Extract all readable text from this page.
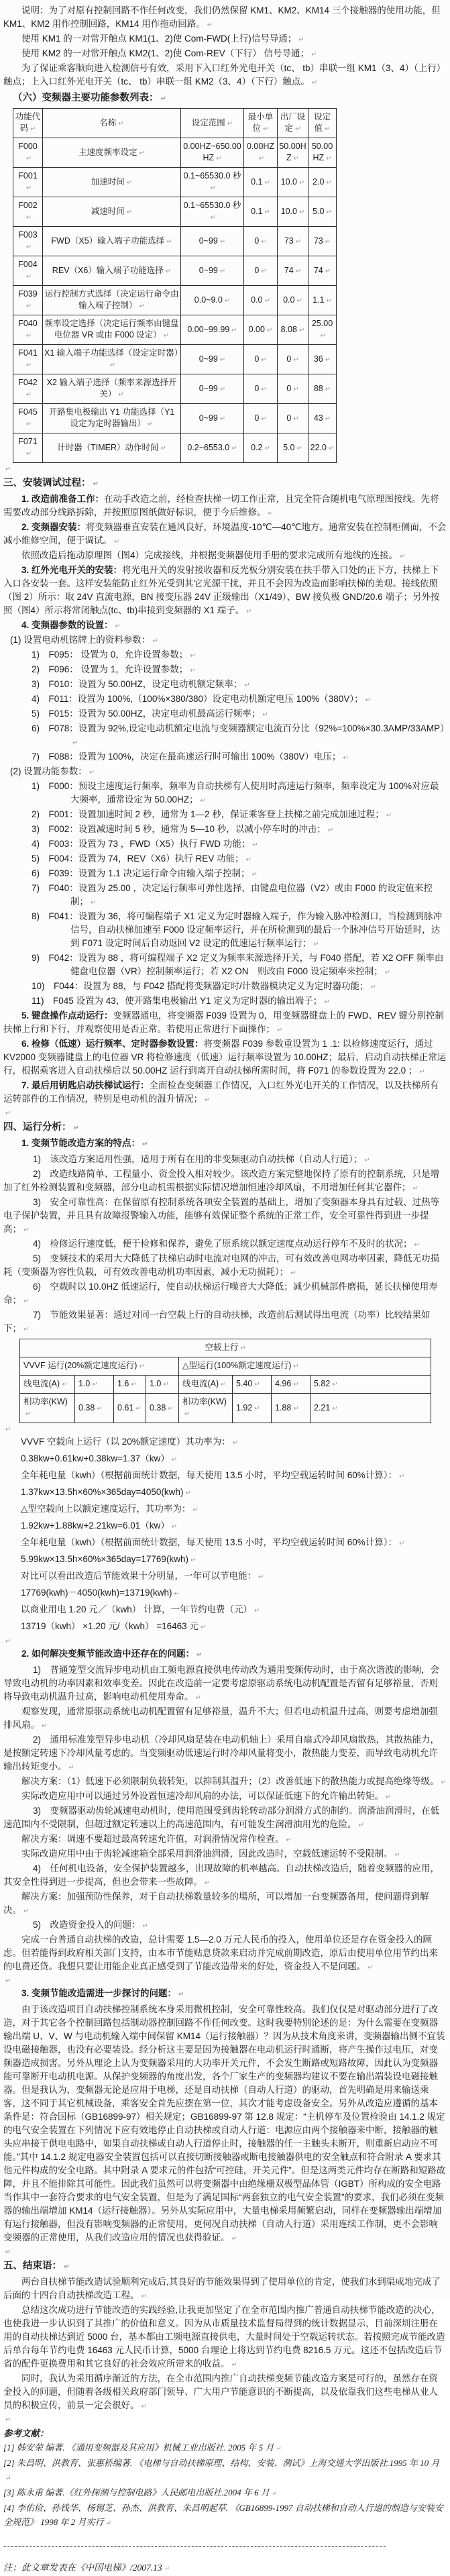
说明：为了对原有控制回路不作任何改变，我们仍然保留 KM1、KM2、KM14 三个接触器的使用功能，但 KM1、KM2 用作控制回路，KM14 用作拖动回路。 ↵

使用 KM1 的一对常开触点 KM1(1、2)使 Com-FWD(上行)信号导通； ↵

使用 KM2 的一对常开触点 KM2(1、2)使 Com-REV（下行） 信号导通； ↵

为了保证乘客顺向进入检测信号有效，采用下入口红外光电开关（tc、 tb）串联一组 KM1（3、4）（上行）触点；上入口红外光电开关（tc、 tb）串联一组 KM2（3、4）（下行）触点。 ↵

（六）变频器主要功能参数列表： ↵

功能代码 ↵	名称 ↵	设定范围 ↵	最小单位 ↵	出厂设定 ↵	设定值 ↵
F000 ↵	主速度频率设定 ↵	0.00HZ~650.00HZ ↵	0.00HZ ↵	50.00HZ ↵	50.00HZ ↵
F001 ↵	加速时间 ↵	0.1~65530.0 秒 ↵	0.1 ↵	10.0 ↵	2.0 ↵
F002 ↵	减速时间 ↵	0.1~65530.0 秒 ↵	0.1 ↵	10.0 ↵	5.0 ↵
F003 ↵	FWD（X5）输入端子功能选择 ↵	0~99 ↵	0 ↵	73 ↵	73 ↵
F004 ↵	REV（X6）输入端子功能选择 ↵	0~99 ↵	0 ↵	74 ↵	74 ↵
F039 ↵	运行控制方式选择（决定运行命令由输入端子控制） ↵	0.0~9.0 ↵	0.0 ↵	0.0 ↵	1.1 ↵
F040 ↵	频率设定选择（决定运行频率由键盘电位器 VR 或由 F000 设定） ↵	0.00~99.99 ↵	0.00 ↵	8.08 ↵	25.00 ↵
F041 ↵	X1 输入端子功能选择（设定定时器） ↵	0~99 ↵	0 ↵	0 ↵	36 ↵
F042 ↵	X2 输入端子选择（频率来源选择开关） ↵	0~99 ↵	0 ↵	0 ↵	88 ↵
F045 ↵	开路集电极输出 Y1 功能选择（Y1 设定为定时器输出） ↵	0~99 ↵	0 ↵	0 ↵	43 ↵
F071 ↵	计时器（TIMER）动作时间 ↵	0.2~6553.0 ↵	0.2 ↵	5.0 ↵	22.0 ↵

↵

三、安装调试过程： ↵

1. 改造前准备工作：在动手改造之前，经检查扶梯一切工作正常，且完全符合随机电气原理图接线。先将需要改动部分线路拆除，并按照原图纸做好标识，便于今后维修。 ↵

2. 变频器安装：将变频器垂直安装在通风良好，环境温度-10℃—40℃地方。通常安装在控制柜侧面，不会减小维修空间，便于调试。 ↵

依照改造后拖动原理图（图4）完成接线，并根据变频器使用手册的要求完成所有地线的连接。 ↵

3. 红外光电开关的安装：将光电开关的发射接收器和反光板分别安装在扶手带入口处的正下方，扶梯上下入口各安装一套。这样安装能防止红外光受到其它光源干扰，并且不会因为改造而影响扶梯的美观。接线依照（图 2）所示：取 24V 直流电源，BN 接变压器 24V 正级输出（X1/49）、BW 接负极 GND/20.6 端子；另外按照（图4）所示将常闭触点(tc、tb)串接到变频器的 X1 端子。 ↵

4. 变频器参数的设置： ↵

(1) 设置电动机铭牌上的资料参数： ↵

1)　F095： 设置为 0，允许设置参数； ↵

2)　F096： 设置为 1，允许设置参数； ↵

3)　F010：设置为 50.00HZ，设定电动机额定频率； ↵

4)　F011：设置为 100%,（100%×380/380）设定电动机额定电压 100%（380V）； ↵

5)　F015：设置为 50.00HZ，决定电动机最高运行频率； ↵

6)　F078：设置为 92%,设定电动机额定电流与变频器额定电流百分比（92%=100%×30.3AMP/33AMP） ↵

7)　F088：设置为 100%，决定在最高速运行时可输出 100%（380V）电压； ↵

(2) 设置功能参数： ↵

1)　F000：预设主速度运行频率，频率为自动扶梯有人使用时高速运行频率，频率设定为 100%对应最大频率，通常设定为 50.00HZ； ↵

2)　F001：设置加速时间 2 秒，通常为 1—2 秒，保证乘客登上扶梯之前完成加速过程； ↵

3)　F002：设置减速时间 5 秒，通常为 5—10 秒，以减小停车时的冲击； ↵

4)　F003：设置为 73 ，FWD（X5）执行 FWD 功能； ↵

5)　F004：设置为 74，REV（X6）执行 REV 功能； ↵

6)　F039：设置为 1.1 决定运行命令由输入端子控制； ↵

7)　F040：设置为 25.00 ，决定运行频率可弹性选择，由键盘电位器（V2）或由 F000 的设定值来控制； ↵

8)　F041：设置为 36，将可编程端子 X1 定义为定时器输入端子，作为输入脉冲检测口，当检测到脉冲信号，自动扶梯加速至 F000 设定频率运行，并在所检测到的最后一个脉冲信号开始延时，达到 F071 设定时间后自动返回 V2 设定的低速运行频率运行； ↵

9)　F042：设置为 88 ，将可编程端子 X2 定义为频率来源选择开关，与 F040 搭配，若 X2 OFF 频率由健盘电位器（VR）控制频率运行；若 X2 ON　则改由 F000 设定频率来控制； ↵

10)　F044：设置为 88，与 F042 搭配将变频器定时/计数器模块定义为定时器功能； ↵

11)　F045 设置为 43，使开路集电极输出 Y1 定义为定时器的输出端子； ↵

5. 键盘操作点动运行：变频器通电，将变频器 F039 设置为 0，用变频器键盘上的 FWD、REV 键分别控制扶梯上行和下行，并观察使用是否正常。若使用正常进行下面操作； ↵

6. 检修（低速）运行频率、定时器参数设置：将变频器 F039 参数重设置为 1 .1: 以检修速度运行，通过 KV2000 变频器键盘上的电位器 VR 将检修速度（低速）运行频率设置为 10.00HZ；最后，启动自动扶梯正常运行，根据乘客进入自动扶梯后以 50.00HZ 运行到离开自动扶梯所需时间，将 F071 的参数设置为 22.0 ； ↵

7. 最后用钥匙启动扶梯试运行：全面检查变频器工作情况，入口红外光电开关的工作情况，以及扶梯所有运转部件的工作情况，特别是电动机的温升情况； ↵

↵

四、运行分析： ↵

1. 变频节能改造方案的特点： ↵

1)　该改造方案适用性强，适用于所有在用的非变频驱动自动扶梯（自动人行道）； ↵

2)　改造线路简单、工程量小、资金投入相对较少。该改造方案完整地保持了原有的控制系统，只是增加了红外检测装置和变频器，部分电动机需根据实际情况增加恒速冷却风扇，不用增加任何其它器件； ↵

3)　安全可靠性高：在保留原有控制系统各项安全装置的基础上，增加了变频器本身具有过载、过热等电子保护装置，并且具有故障报警输入功能，能够有效保证整个系统的正常工作，安全可靠性得到进一步提高； ↵

4)　检修运行速度低，便于检修和保养，避免了原系统以额定速度点动运行停车不及时的状况； ↵

5)　变频技术的采用大大降低了扶梯启动时电流对电网的冲击，可有效改善电网功率因素，降低无功损耗（变频器为容性负载，可有效改善电动机功率因素，减小无功损耗）； ↵

6)　空载时以 10.0HZ 低速运行，使自动扶梯运行噪音大大降低；减少机械部件磨损，延长扶梯使用寿命； ↵

7)　节能效果显著：通过对同一台空载上行的自动扶梯，改造前后测试得出电流（功率）比较结果如下； ↵

空载上行 ↵
VVVF 运行(20%额定速度运行) ↵				△型运行(100%额定速度运行) ↵
线电流(A) ↵	1.0 ↵	1.6 ↵	1.0 ↵	线电流(A) ↵	5.40 ↵	4.96 ↵	5.82 ↵
相功率(KW) ↵	0.38 ↵	0.61 ↵	0.38 ↵	相功率(KW) ↵	1.92 ↵	1.88 ↵	2.21 ↵

↵

VVVF 空载向上运行（以 20%额定速度）其功率为： ↵

0.38kw+0.61kw+0.38kw=1.37（kw） ↵

全年耗电量（kwh）（根据前面统计数据，每天使用 13.5 小时，平均空载运转时间 60%计算）： ↵

1.37kw×13.5h×60%×365day=4050(kwh) ↵

△型空载向上以额定速度运行，其功率为： ↵

1.92kw+1.88kw+2.21kw=6.01（kw） ↵

全年耗电量（kwh）（根据前面统计数据，每天使用 13.5 小时，平均空载运转时间 60%计算）： ↵

5.99kw×13.5h×60%×365day=17769(kwh) ↵

对比可以看出改造后节能效果十分明显，一年可以节电能： ↵

17769(kwh)－4050(kwh)=13719(kwh) ↵

以商业用电 1.20 元／（kwh） 计算，一年节约电费（元） ↵

13719（kwh） ×1.20 元/（kwh） =16463 元 ↵

↵

2. 如何解决变频节能改造中还存在的问题： ↵

1)　普通笼型交流异步电动机由工频电源直接供电传动改为通用变频传动时，由于高次谐波的影响，会导致电动机的功率因素和效率变差。因此在改造前一定要考虑原驱动系统电动机配置是否留有足够裕量，否则将导致电动机温升过高，影响电动机使用寿命。 ↵

观察发现，通常原驱动系统电动机配置留有足够裕量，温升不大；但若电动机温升过高，则要考虑增加强排风扇。 ↵

2)　通用标准笼型异步电动机（冷却风扇是装在电动机轴上）采用自扇式冷却风扇散热，其散热能力，是按额定转速下冷却风量考虑的。当变频驱动低速运行时冷却风量将变小，散热能力变差，而导致电动机允许输出转矩变小。 ↵

解决方案：（1）低速下必须限制负载转矩，以抑制其温升；（2）改善低速下的散热能力或提高绝缘等级。 ↵

实际改造应用中可以通过另外设置恒速冷却风扇的办法，可以保证低速下的允许输出转矩。 ↵

3)　变频器驱动齿轮减速电动机时，使用范围受到齿轮转动部分润滑方式的制约。润滑油润滑时，在低速范围内不受限制，但超过额定转速以上的高速范围内，有可能发生润滑油用光的危险。 ↵

解决方案：调速不要超过最高转速允许值，对润滑情况常作检查。 ↵

实际改造应用中由于齿轮减速箱全部采用润滑油润滑，因此改造时，空载低速运转不受限制。 ↵

4)　任何机电设备，安全保护装置越多，出现故障的机率越高。自动扶梯改造后，随着变频器的应用，其安全性得到进一步提高，但也会带来一些故障。 ↵

解决方案：加强预防性保养，对于自动扶梯数量较多的場所，可以增加一台变频器备用，使问题得到解决。 ↵

5)　改造资金投入的问题： ↵

完成一台普通自动扶梯的改造，总计需要 1.5—2.0 万元人民币的投入，使用单位还是存在资金投入的顾虑。但若能得到政府相关部门支持，由本市节能贴息贷款来启动并完成前期改造，原后由使用单位用节约出来的电费还贷。我想只要让用能企业真正感受到了节能改造带来的好处，资金投入不是问题。 ↵

↵

3. 变频节能改造需进一步探讨的问题： ↵

由于该改造项目自动扶梯控制系统本身采用微机控制，安全可靠性较高。我们仅仅是对驱动部分进行了改造，对于其它各个控制回路包括制动器控制回路不作任何改变。这时我要特别论述的是：为什么需要在变频器输出端 U、V、W 与电动机输入端中间保留 KM14（运行接触器）？因为从技术角度来讲，变频器输出侧不宜装设电磁接触器，也没有必要装设。经分析这主要是因为接触器在电动机运行时通断，将产生操作过电压，对变频器造成损害。另外从理论上认为变频器采用的大功率开关元件，不会发生断路或短路故障，因此认为变频器能可靠断开电动机电源。从保护变频器的角度出发，各个厂家生产的变频器均建议不要在输出端装设电磁接触器。但是我认为，变频器无论是应用于电梯，还是自动扶梯（自动人行道）的驱动，首先明确是用来输送乘客，这不同于其它机械设备，乘客安全首先应摆在第一位，其次才能考虑设备安全。另外从改造应遵循的基本条件是：符合国标（GB16899-97）相关规定；GB16899-97 第 12.8 规定：“主机停车及位置检验由 14.1.2 规定的电气安全装置在下列情况下应有效地停止自动扶梯或自动人行道：电源应由两个接触器来中断，接触器的触头应串接于供电电路中，如果自动扶梯或自动人行道停止时，接触器的任一主触头未断开，则重新启动应不可能。”其中 14.1.2 规定电器安全装置包括可以直接切断接触器或断电接触器供电的安全触点和符合附录 A 要求其他元件构成的安全电路。其中附录 A 要求元的件包括“可控硅，开关元件”。但是这两类元件均存在断路和短路故障，并且不能排除其可能性。因此我们虽然可以将变频器中由绝缘栅双极型晶体管（IGBT）所构成的安全电路当作其中一套符合要求的电气安全装置，但是为了满足国标“两套独立的电气安全装置”的要求，我们必须在变频器的输出端增加 KM14（运行接触器）。另外从实际应用中，大量电梯采用频繁启动，同样在变频器输出端增加有运行接触器，但没有影响变频器的正常使用，更何况自动扶梯（自动人行道）采用连续工作制，更不会影响变频器的正常使用，从我们改造应用的情况也获得验证。 ↵

↵

五、结束语： ↵

两台自扶梯节能改造试验顺利完成后,其良好的节能效果得到了使用单位的肯定，使我们水到渠成地完成了后面的十四台自动扶梯改造工程。 ↵

总结这次成功进行节能改造的实践经验,让我更加坚定了在全市范围内推广普通自动扶梯节能改造的决心，也使我进一步认识到了其推广的价值和意义。因为从市质量技术监督局得到的统计数据显示，目前深圳注册在用的自动扶梯达到近 5000 台，基本都由工频电源直接供电，大量时间处于空载运转状态。若按照完成节能改造后单台每年节约电费 16463 元人民币计算，5000 台理论上将达到节约电费 8216.5 万元。这还不包括改造后节省的配件更换费用和其它良好的社会效应所带来的收益。 ↵

同时，我认为采用循序渐近的方法，在全市范围内推广自动扶梯变频节能改造方案是可行的，虽然存在资金投入的问题，但随着各级相关政府部门领导、广大用户节能意识的不断提高，以及依靠我们这些电梯从业人员的积极宣传，前景一定会很好。 ↵

↵

参考文献：

[1] 韩安荣 编著. 《通用变频器及其应用》机械工业出版社. 2005 年 5 月 ↵

[2] 朱昌明、洪教育、张惠桥编著. 《电梯与自动扶梯原理、结构、安装、测试》上海交通大学出版社.1995 年 10 月 ↵

[3] 陈永甫 编著.《红外探测与控制电路》人民邮电出版社.2004 年 6 月 ↵

[4] 李佑俭、孙钱华、杨锡芝、孙杰、洪教育、朱昌明起草. 《GB16899-1997 自动扶梯和自动人行道的制造与安装安全规范》 1998 年 2 月实行 ↵

--------------------------------------------------------------------------------------------------------

注：此文章发表在《中国电梯》/2007.13 ↵
